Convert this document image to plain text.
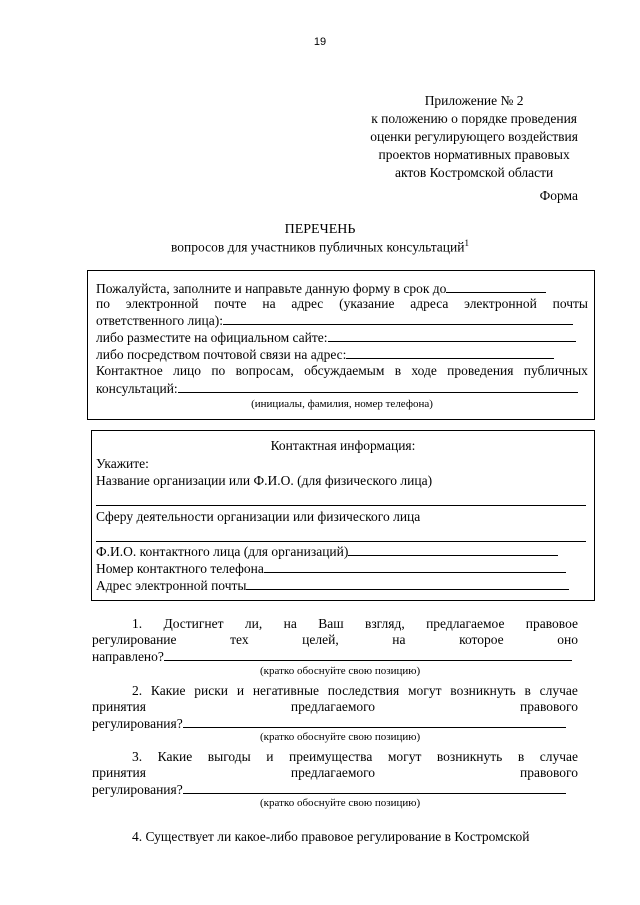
19
Приложение № 2
к положению о порядке проведения
оценки регулирующего воздействия
проектов нормативных правовых
актов Костромской области
Форма
ПЕРЕЧЕНЬ
вопросов для участников публичных консультаций$^1$
Пожалуйста, заполните и направьте данную форму в срок до
по электронной почте на адрес (указание адреса электронной почты
ответственного лица):
либо разместите на официальном сайте:
либо посредством почтовой связи на адрес:
Контактное лицо по вопросам, обсуждаемым в ходе проведения публичных
консультаций:
(инициалы, фамилия, номер телефона)
Контактная информация:
Укажите:
Название организации или Ф.И.О. (для физического лица)
Сферу деятельности организации или физического лица
Ф.И.О. контактного лица (для организаций)
Номер контактного телефона
Адрес электронной почты
1. Достигнет ли, на Ваш взгляд, предлагаемое правовое
регулирование	тех	целей,	на	которое	оно
направлено?
(кратко обоснуйте свою позицию)
2. Какие риски и негативные последствия могут возникнуть в случае
принятия	предлагаемого	правового
регулирования?
(кратко обоснуйте свою позицию)
3. Какие выгоды и преимущества могут возникнуть в случае
принятия	предлагаемого	правового
регулирования?
(кратко обоснуйте свою позицию)
4. Существует ли какое-либо правовое регулирование в Костромской
